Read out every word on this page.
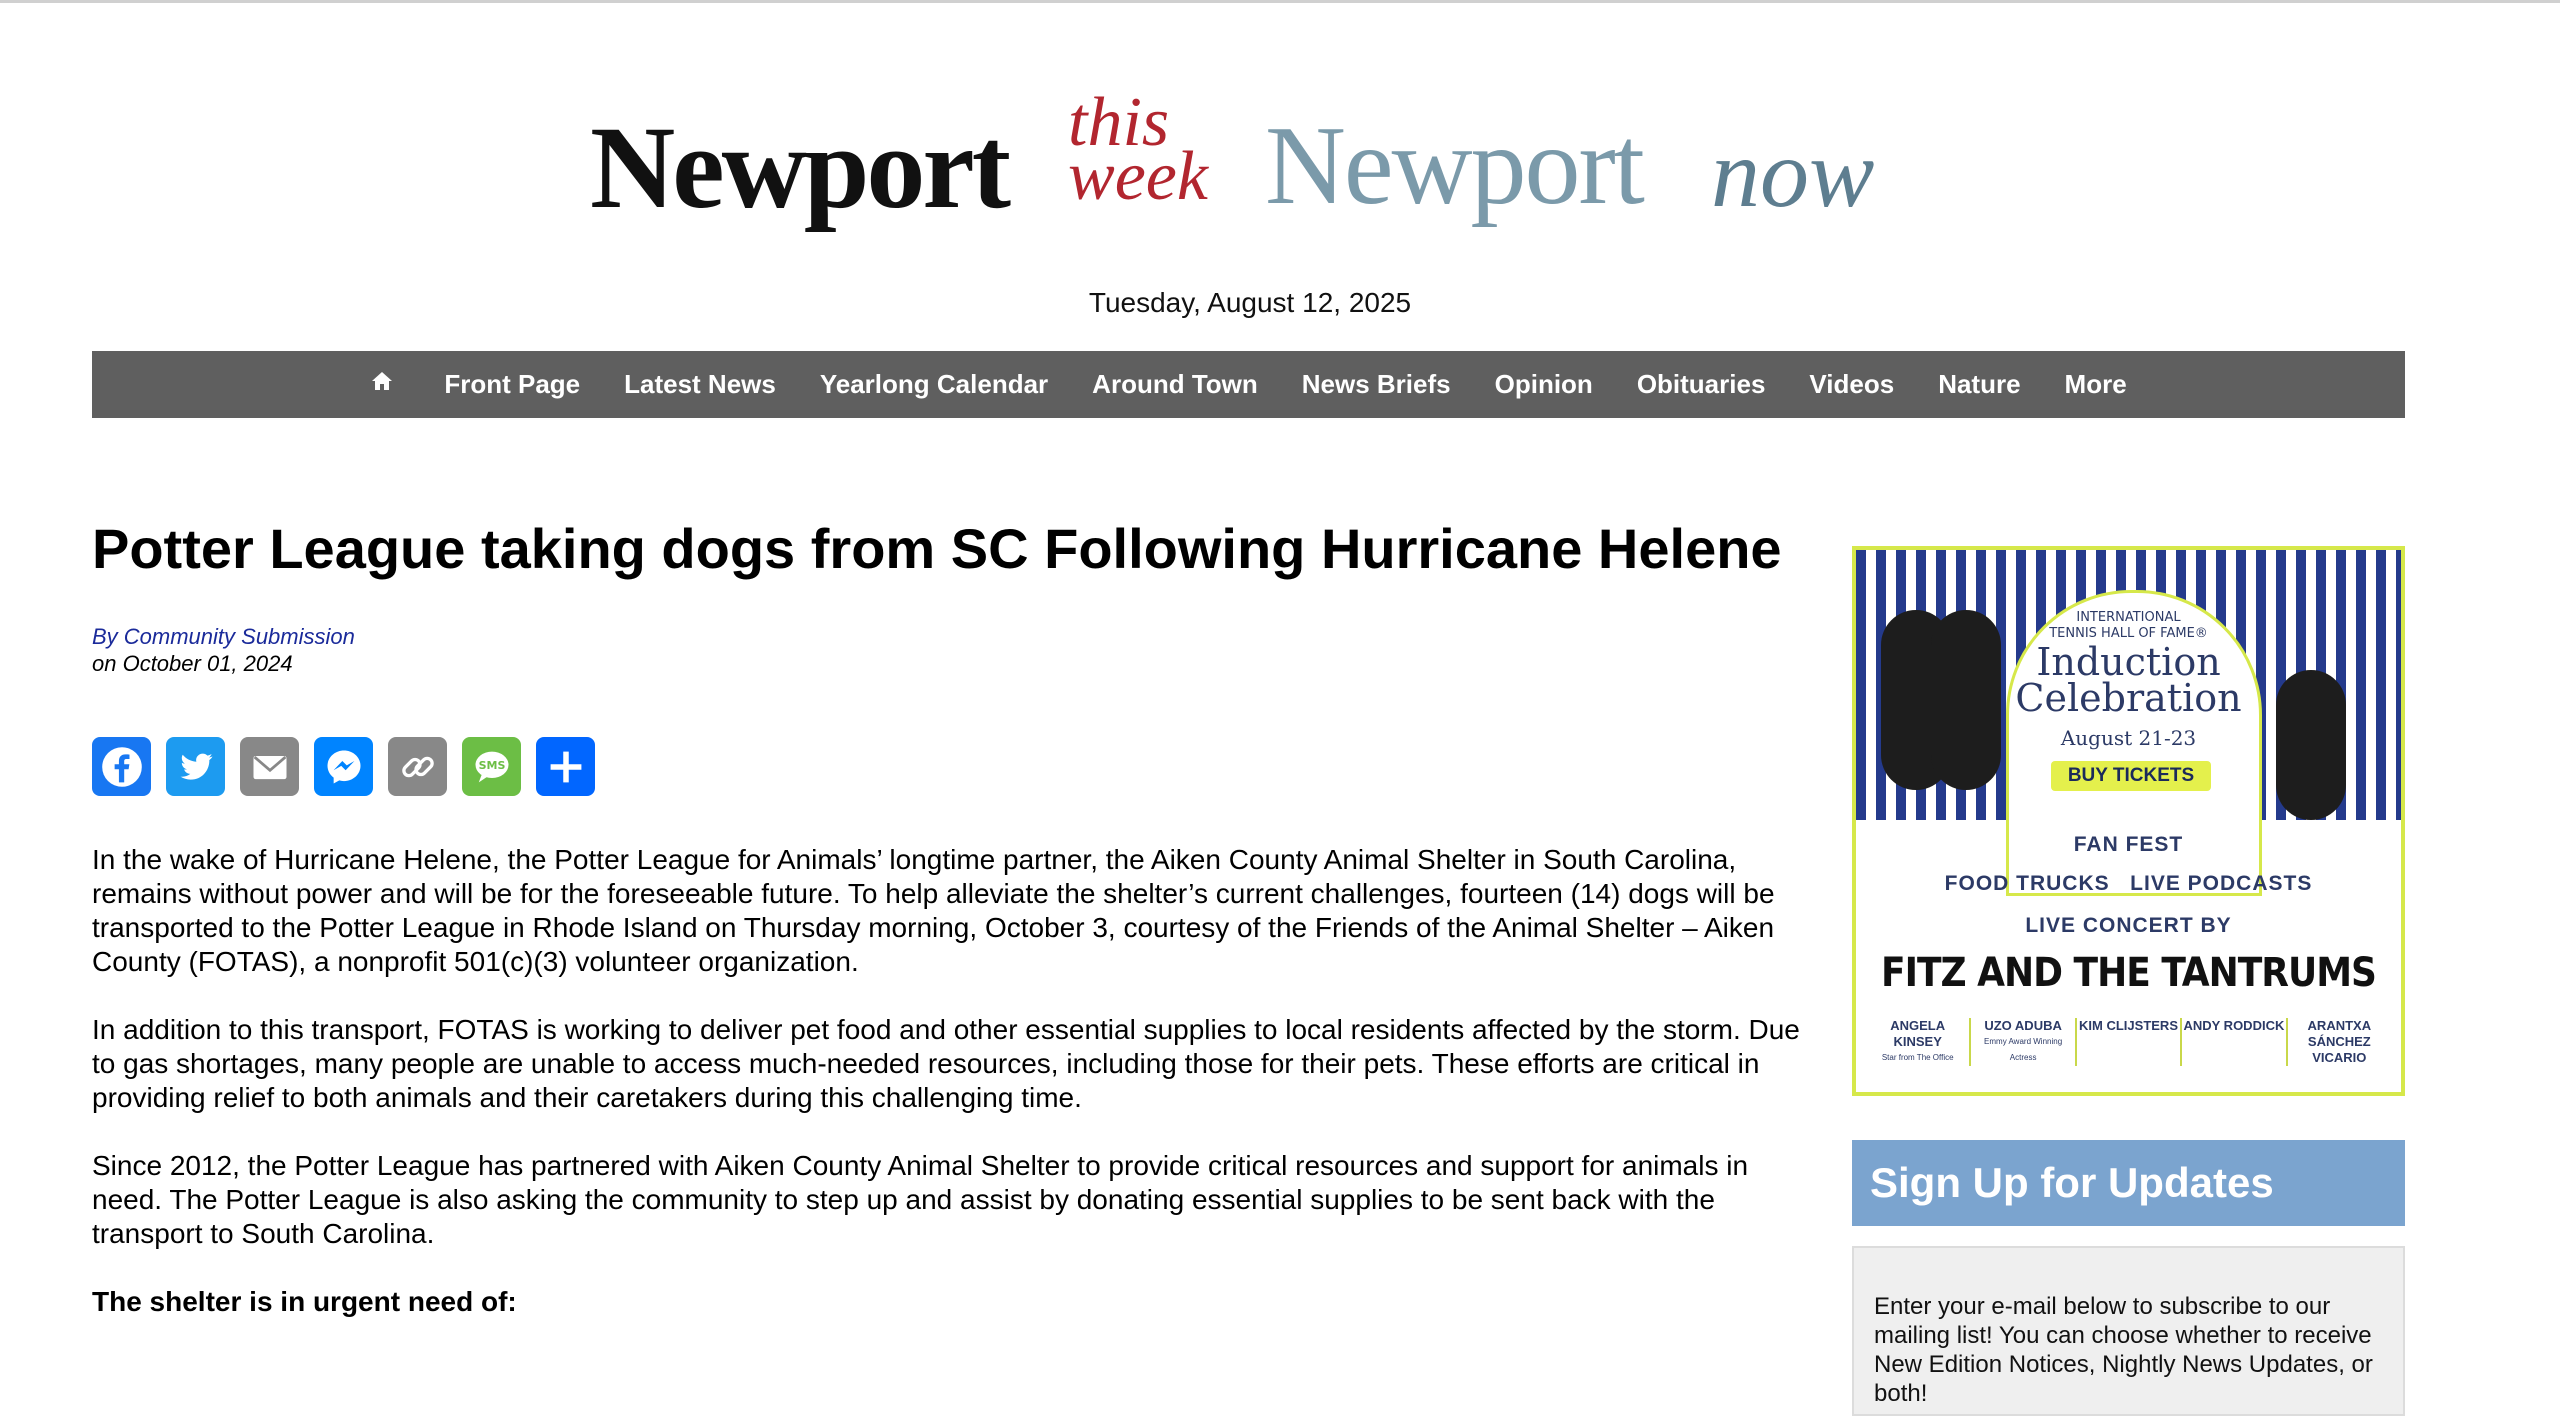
Newport this
week Newport now
Tuesday, August 12, 2025
Front Page	Latest News	Yearlong Calendar	Around Town	News Briefs	Opinion	Obituaries	Videos	Nature	More
Potter League taking dogs from SC Following Hurricane Helene
By Community Submission
on October 01, 2024
SMS

In the wake of Hurricane Helene, the Potter League for Animals’ longtime partner, the Aiken County Animal Shelter in South Carolina, remains without power and will be for the foreseeable future. To help alleviate the shelter’s current challenges, fourteen (14) dogs will be transported to the Potter League in Rhode Island on Thursday morning, October 3, courtesy of the Friends of the Animal Shelter – Aiken County (FOTAS), a nonprofit 501(c)(3) volunteer organization.

In addition to this transport, FOTAS is working to deliver pet food and other essential supplies to local residents affected by the storm. Due to gas shortages, many people are unable to access much-needed resources, including those for their pets. These efforts are critical in providing relief to both animals and their caretakers during this challenging time.

Since 2012, the Potter League has partnered with Aiken County Animal Shelter to provide critical resources and support for animals in need. The Potter League is also asking the community to step up and assist by donating essential supplies to be sent back with the transport to South Carolina.

The shelter is in urgent need of:

INTERNATIONAL
TENNIS HALL OF FAME®
Induction
Celebration
August 21-23
BUY TICKETS
FAN FEST
FOOD TRUCKS   LIVE PODCASTS
LIVE CONCERT BY
FITZ AND THE TANTRUMS
ANGELA KINSEY
Star from The Office
UZO ADUBA
Emmy Award Winning Actress
KIM CLIJSTERS ANDY RODDICK	ARANTXA SÁNCHEZ VICARIO
Sign Up for Updates
Enter your e-mail below to subscribe to our mailing list! You can choose whether to receive New Edition Notices, Nightly News Updates, or both!
